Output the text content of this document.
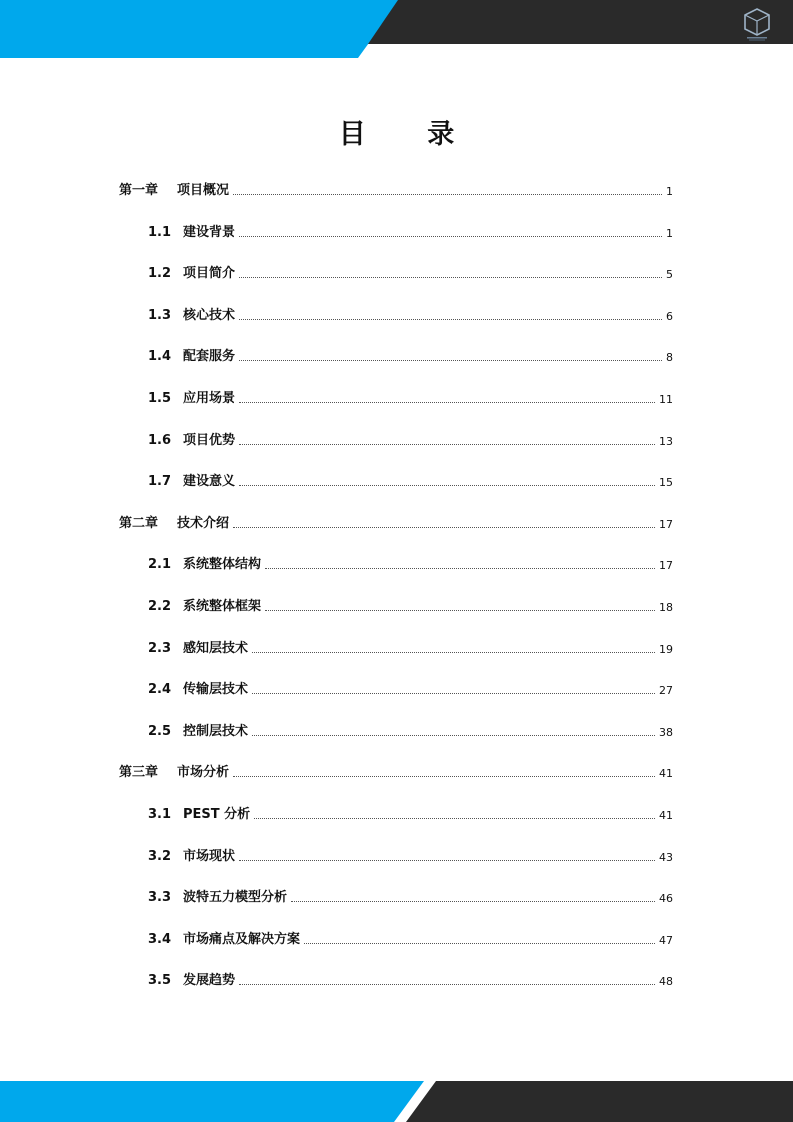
目 录
第一章 项目概况	1
1.1 建设背景	1
1.2 项目简介	5
1.3 核心技术	6
1.4 配套服务	8
1.5 应用场景	11
1.6 项目优势	13
1.7 建设意义	15
第二章 技术介绍	17
2.1 系统整体结构	17
2.2 系统整体框架	18
2.3 感知层技术	19
2.4 传输层技术	27
2.5 控制层技术	38
第三章 市场分析	41
3.1 PEST 分析	41
3.2 市场现状	43
3.3 波特五力模型分析	46
3.4 市场痛点及解决方案	47
3.5 发展趋势	48
